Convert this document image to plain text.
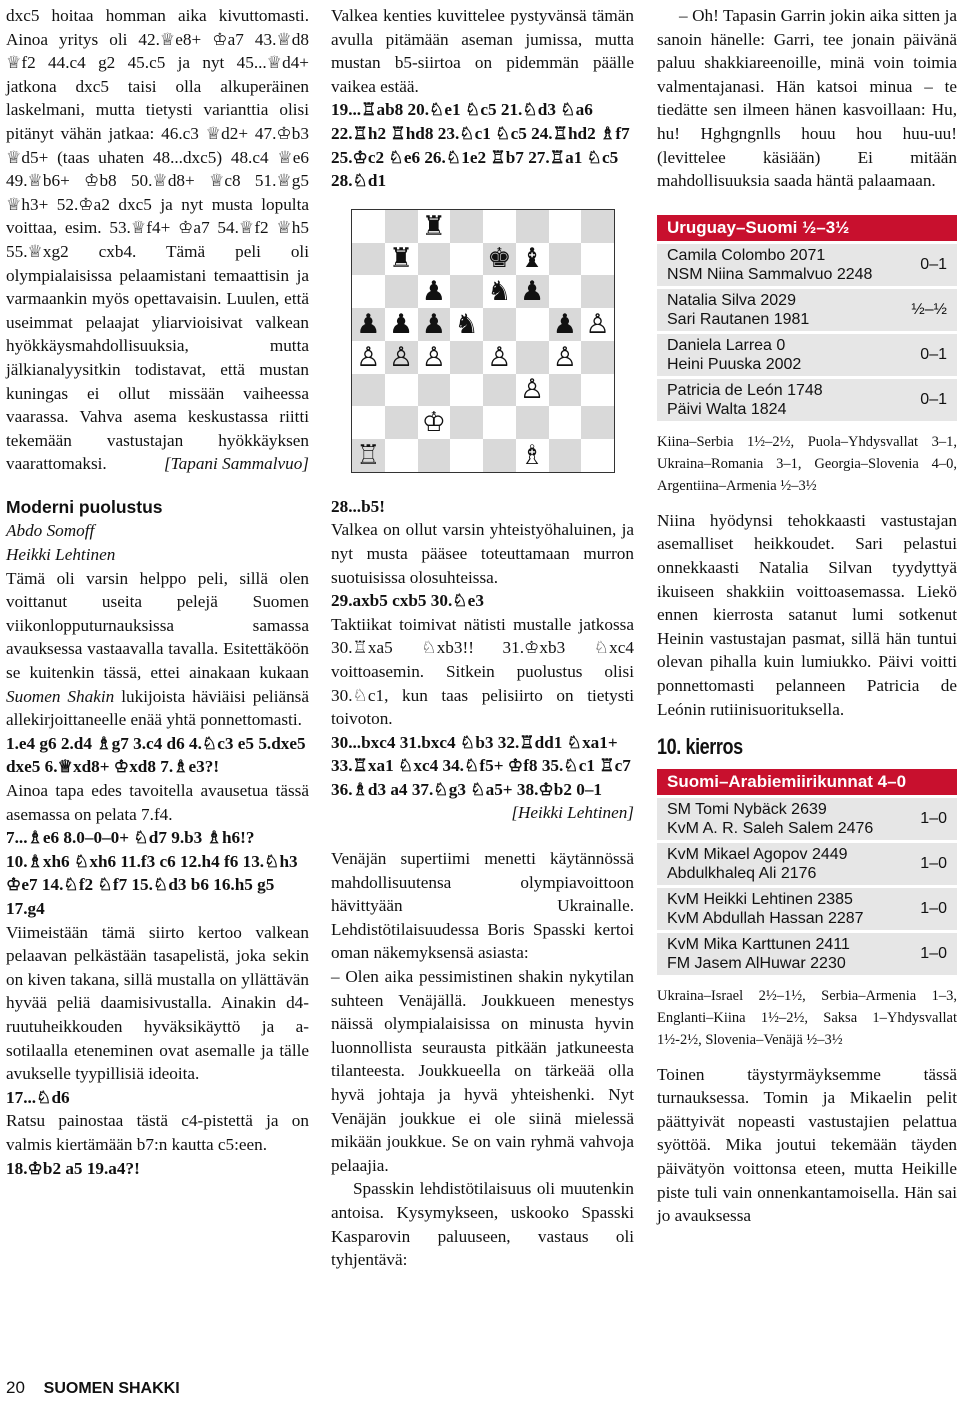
dxc5 hoitaa homman aika kivuttomasti. Ainoa yritys oli 42.♕e8+ ♔a7 43.♕d8 ♕f2 44.c4 g2 45.c5 ja nyt 45...♕d4+ jatkona dxc5 taisi olla alkuperäinen laskelmani, mutta tietysti varianttia olisi pitänyt vähän jatkaa: 46.c3 ♕d2+ 47.♔b3 ♕d5+ (taas uhaten 48...dxc5) 48.c4 ♕e6 49.♕b6+ ♔b8 50.♕d8+ ♕c8 51.♕g5 ♕h3+ 52.♔a2 dxc5 ja nyt musta lopulta voittaa, esim. 53.♕f4+ ♔a7 54.♕f2 ♕h5 55.♕xg2 cxb4. Tämä peli oli olympialaisissa pelaamistani temaattisin ja varmaankin myös opettavaisin. Luulen, että useimmat pelaajat yliarvioisivat valkean hyökkäysmahdollisuuksia, mutta jälkianalyysitkin todistavat, että mustan kuningas ei ollut missään vaiheessa vaarassa. Vahva asema keskustassa riitti tekemään vastustajan hyökkäyksen vaarattomaksi.	[Tapani Sammalvuo]

Moderni puolustus

Abdo Somoff

Heikki Lehtinen

Tämä oli varsin helppo peli, sillä olen voittanut useita pelejä Suomen viikonlopputurnauksissa samassa avauksessa vastaavalla tavalla. Esitettäköön se kuitenkin tässä, ettei ainakaan kukaan Suomen Shakin lukijoista häviäisi peliänsä allekirjoittaneelle enää yhtä ponnettomasti.

1.e4 g6 2.d4 ♗g7 3.c4 d6 4.♘c3 e5 5.dxe5 dxe5 6.♕xd8+ ♔xd8 7.♗e3?!

Ainoa tapa edes tavoitella avausetua tässä asemassa on pelata 7.f4.

7...♗e6 8.0–0–0+ ♘d7 9.b3 ♗h6!? 10.♗xh6 ♘xh6 11.f3 c6 12.h4 f6 13.♘h3 ♔e7 14.♘f2 ♘f7 15.♘d3 b6 16.h5 g5 17.g4

Viimeistään tämä siirto kertoo valkean pelaavan pelkästään tasapelistä, joka sekin on kiven takana, sillä mustalla on yllättävän hyvää peliä daamisivustalla. Ainakin d4-ruutuheikkouden hyväksikäyttö ja a-sotilaalla eteneminen ovat asemalle ja tälle avukselle tyypillisiä ideoita.

17...♘d6

Ratsu painostaa tästä c4-pistettä ja on valmis kiertämään b7:n kautta c5:een.

18.♔b2 a5 19.a4?!

Valkea kenties kuvittelee pystyvänsä tämän avulla pitämään aseman jumissa, mutta mustan b5-siirtoa on pidemmän päälle vaikea estää.

19...♖ab8 20.♘e1 ♘c5 21.♘d3 ♘a6 22.♖h2 ♖hd8 23.♘c1 ♘c5 24.♖hd2 ♗f7 25.♔c2 ♘e6 26.♘1e2 ♖b7 27.♖a1 ♘c5 28.♘d1

♜
♜	♚ ♝
♟ ♞ ♟
♟ ♟ ♟ ♞	♟ ♙
♙ ♙ ♙ ♙ ♙
♙
♔
♖	♗

28...b5!

Valkea on ollut varsin yhteistyöhaluinen, ja nyt musta pääsee toteuttamaan murron suotuisissa olosuhteissa.

29.axb5 cxb5 30.♘e3

Taktiikat toimivat nätisti mustalle jatkossa 30.♖xa5 ♘xb3!! 31.♔xb3 ♘xc4 voittoasemin. Sitkein puolustus olisi 30.♘c1, kun taas pelisiirto on tietysti toivoton.

30...bxc4 31.bxc4 ♘b3 32.♖dd1 ♘xa1+ 33.♖xa1 ♘xc4 34.♘f5+ ♔f8 35.♘c1 ♖c7 36.♗d3 a4 37.♘g3 ♘a5+ 38.♔b2 0–1

[Heikki Lehtinen]

Venäjän supertiimi menetti käytännössä mahdollisuutensa olympiavoittoon hävittyään Ukrainalle. Lehdistötilaisuudessa Boris Spasski kertoi oman näkemyksensä asiasta:

– Olen aika pessimistinen shakin nykytilan suhteen Venäjällä. Joukkueen menestys näissä olympialaisissa on minusta hyvin luonnollista seurausta pitkään jatkuneesta tilanteesta. Joukkueella on tärkeää olla hyvä johtaja ja hyvä yhteishenki. Nyt Venäjän joukkue ei ole siinä mielessä mikään joukkue. Se on vain ryhmä vahvoja pelaajia.

Spasskin lehdistötilaisuus oli muutenkin antoisa. Kysymykseen, uskooko Spasski Kasparovin paluuseen, vastaus oli tyhjentävä:

– Oh! Tapasin Garrin jokin aika sitten ja sanoin hänelle: Garri, tee jonain päivänä paluu shakkiareenoille, minä voin toimia valmentajanasi. Hän katsoi minua – te tiedätte sen ilmeen hänen kasvoillaan: Hu, hu! Hghgngnlls houu hou huu-uu! (levittelee käsiään) Ei mitään mahdollisuuksia saada häntä palaamaan.

Uruguay–Suomi ½–3½
Camila Colombo 2071
NSM Niina Sammalvuo 2248
0–1
Natalia Silva 2029
Sari Rautanen 1981
½–½
Daniela Larrea 0
Heini Puuska 2002
0–1
Patricia de León 1748
Päivi Walta 1824
0–1

Kiina–Serbia 1½–2½, Puola–Yhdysvallat 3–1, Ukraina–Romania 3–1, Georgia–Slovenia 4–0, Argentiina–Armenia ½–3½

Niina hyödynsi tehokkaasti vastustajan asemalliset heikkoudet. Sari pelastui onnekkaasti Natalia Silvan tyydyttyä ikuiseen shakkiin voittoasemassa. Liekö ennen kierrosta satanut lumi sotkenut Heinin vastustajan pasmat, sillä hän tuntui olevan pihalla kuin lumiukko. Päivi voitti ponnettomasti pelanneen Patricia de Leónin rutiinisuorituksella.

10. kierros

Suomi–Arabiemiirikunnat 4–0
SM Tomi Nybäck 2639
KvM A. R. Saleh Salem 2476
1–0
KvM Mikael Agopov 2449
Abdulkhaleq Ali 2176
1–0
KvM Heikki Lehtinen 2385
KvM Abdullah Hassan 2287
1–0
KvM Mika Karttunen 2411
FM Jasem AlHuwar 2230
1–0

Ukraina–Israel 2½–1½, Serbia–Armenia 1–3, Englanti–Kiina 1½–2½, Saksa 1–Yhdysvallat 1½-2½, Slovenia–Venäjä ½–3½

Toinen täystyrmäyksemme tässä turnauksessa. Tomin ja Mikaelin pelit päättyivät nopeasti vastustajien pelattua syöttöä. Mika joutui tekemään täyden päivätyön voittonsa eteen, mutta Heikille piste tuli vain onnenkantamoisella. Hän sai jo avauksessa

20 SUOMEN SHAKKI
